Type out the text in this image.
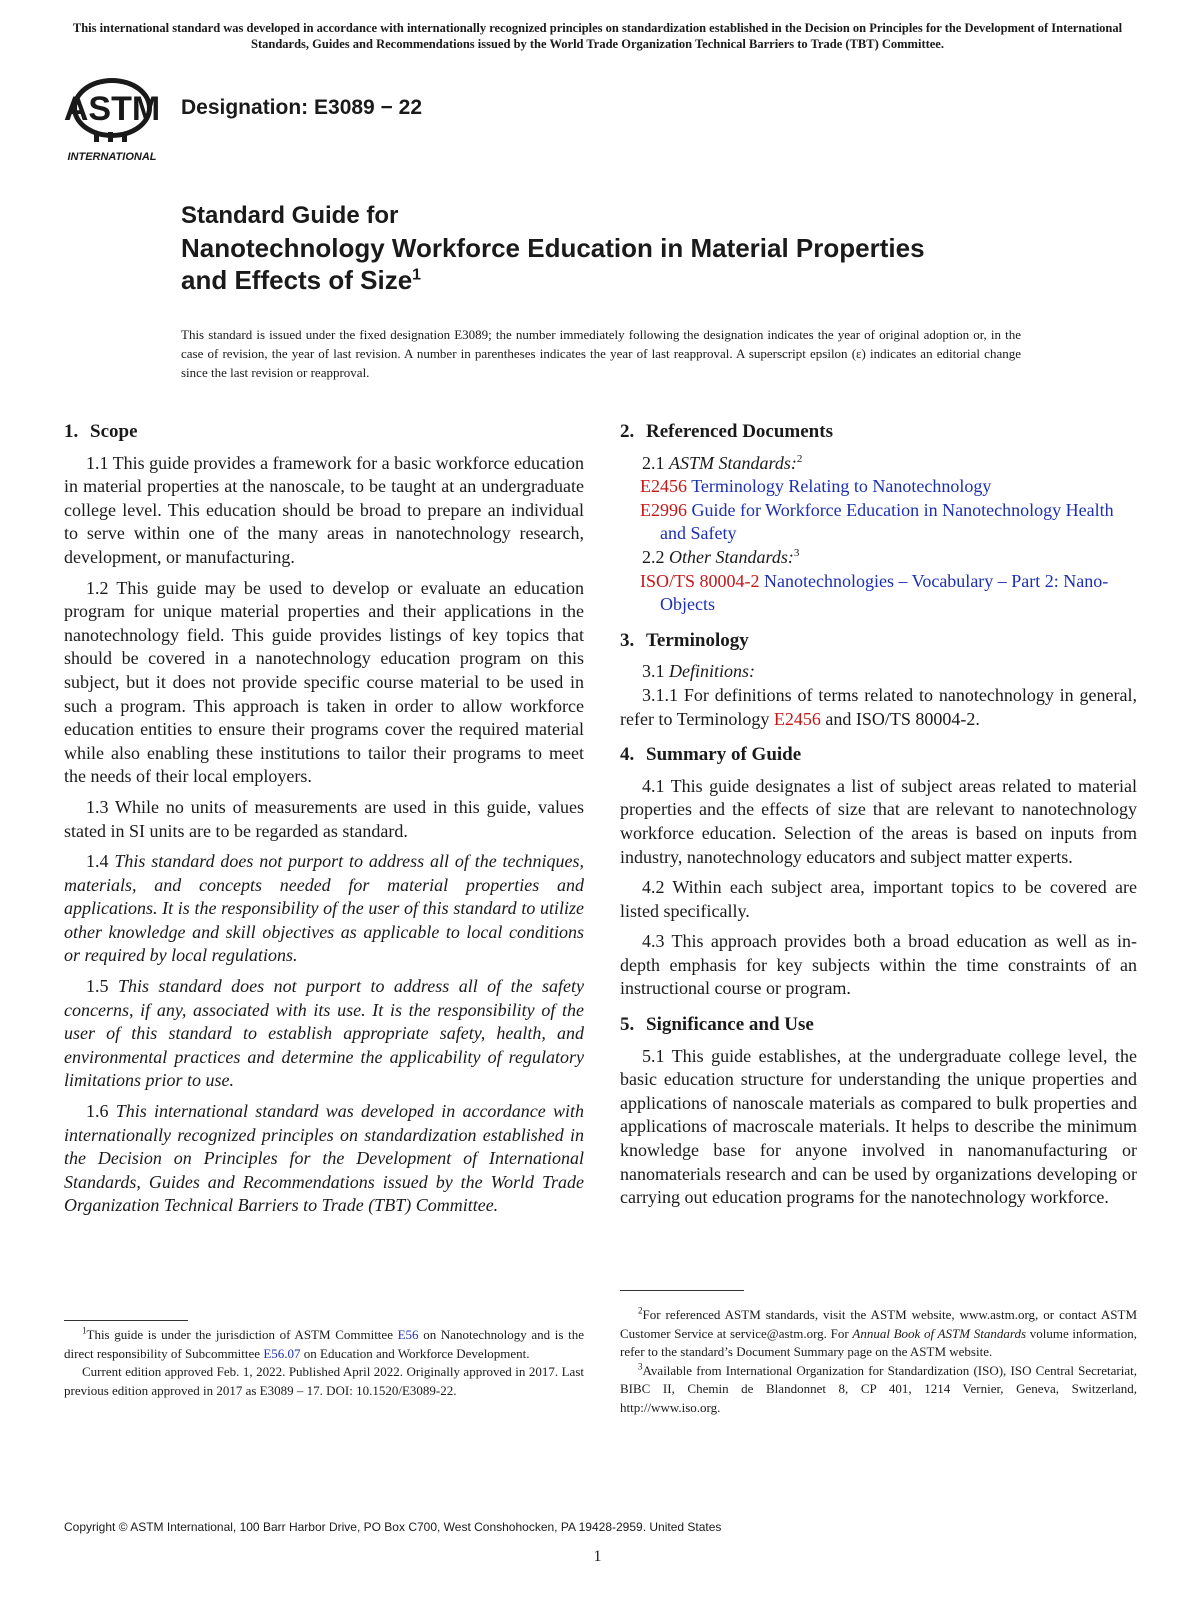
This international standard was developed in accordance with internationally recognized principles on standardization established in the Decision on Principles for the Development of International Standards, Guides and Recommendations issued by the World Trade Organization Technical Barriers to Trade (TBT) Committee.
ASTM
INTERNATIONAL
Designation: E3089 − 22
Standard Guide for
Nanotechnology Workforce Education in Material Properties
and Effects of Size$^1$
This standard is issued under the fixed designation E3089; the number immediately following the designation indicates the year of original adoption or, in the case of revision, the year of last revision. A number in parentheses indicates the year of last reapproval. A superscript epsilon (ε) indicates an editorial change since the last revision or reapproval.
1. Scope

1.1 This guide provides a framework for a basic workforce education in material properties at the nanoscale, to be taught at an undergraduate college level. This education should be broad to prepare an individual to serve within one of the many areas in nanotechnology research, development, or manufacturing.

1.2 This guide may be used to develop or evaluate an education program for unique material properties and their applications in the nanotechnology field. This guide provides listings of key topics that should be covered in a nanotechnology education program on this subject, but it does not provide specific course material to be used in such a program. This approach is taken in order to allow workforce education entities to ensure their programs cover the required material while also enabling these institutions to tailor their programs to meet the needs of their local employers.

1.3 While no units of measurements are used in this guide, values stated in SI units are to be regarded as standard.

1.4 This standard does not purport to address all of the techniques, materials, and concepts needed for material properties and applications. It is the responsibility of the user of this standard to utilize other knowledge and skill objectives as applicable to local conditions or required by local regulations.

1.5 This standard does not purport to address all of the safety concerns, if any, associated with its use. It is the responsibility of the user of this standard to establish appropriate safety, health, and environmental practices and determine the applicability of regulatory limitations prior to use.

1.6 This international standard was developed in accordance with internationally recognized principles on standardization established in the Decision on Principles for the Development of International Standards, Guides and Recommendations issued by the World Trade Organization Technical Barriers to Trade (TBT) Committee.

2. Referenced Documents

2.1 ASTM Standards:$^2$

E2456 Terminology Relating to Nanotechnology

E2996 Guide for Workforce Education in Nanotechnology Health and Safety

2.2 Other Standards:$^3$

ISO/TS 80004-2 Nanotechnologies – Vocabulary – Part 2: Nano-Objects

3. Terminology

3.1 Definitions:

3.1.1 For definitions of terms related to nanotechnology in general, refer to Terminology E2456 and ISO/TS 80004-2.

4. Summary of Guide

4.1 This guide designates a list of subject areas related to material properties and the effects of size that are relevant to nanotechnology workforce education. Selection of the areas is based on inputs from industry, nanotechnology educators and subject matter experts.

4.2 Within each subject area, important topics to be covered are listed specifically.

4.3 This approach provides both a broad education as well as in-depth emphasis for key subjects within the time constraints of an instructional course or program.

5. Significance and Use

5.1 This guide establishes, at the undergraduate college level, the basic education structure for understanding the unique properties and applications of nanoscale materials as compared to bulk properties and applications of macroscale materials. It helps to describe the minimum knowledge base for anyone involved in nanomanufacturing or nanomaterials research and can be used by organizations developing or carrying out education programs for the nanotechnology workforce.

$^1$This guide is under the jurisdiction of ASTM Committee E56 on Nanotechnology and is the direct responsibility of Subcommittee E56.07 on Education and Workforce Development.

Current edition approved Feb. 1, 2022. Published April 2022. Originally approved in 2017. Last previous edition approved in 2017 as E3089 – 17. DOI: 10.1520/E3089-22.

$^2$For referenced ASTM standards, visit the ASTM website, www.astm.org, or contact ASTM Customer Service at service@astm.org. For Annual Book of ASTM Standards volume information, refer to the standard’s Document Summary page on the ASTM website.

$^3$Available from International Organization for Standardization (ISO), ISO Central Secretariat, BIBC II, Chemin de Blandonnet 8, CP 401, 1214 Vernier, Geneva, Switzerland, http://www.iso.org.

Copyright © ASTM International, 100 Barr Harbor Drive, PO Box C700, West Conshohocken, PA 19428-2959. United States
1
